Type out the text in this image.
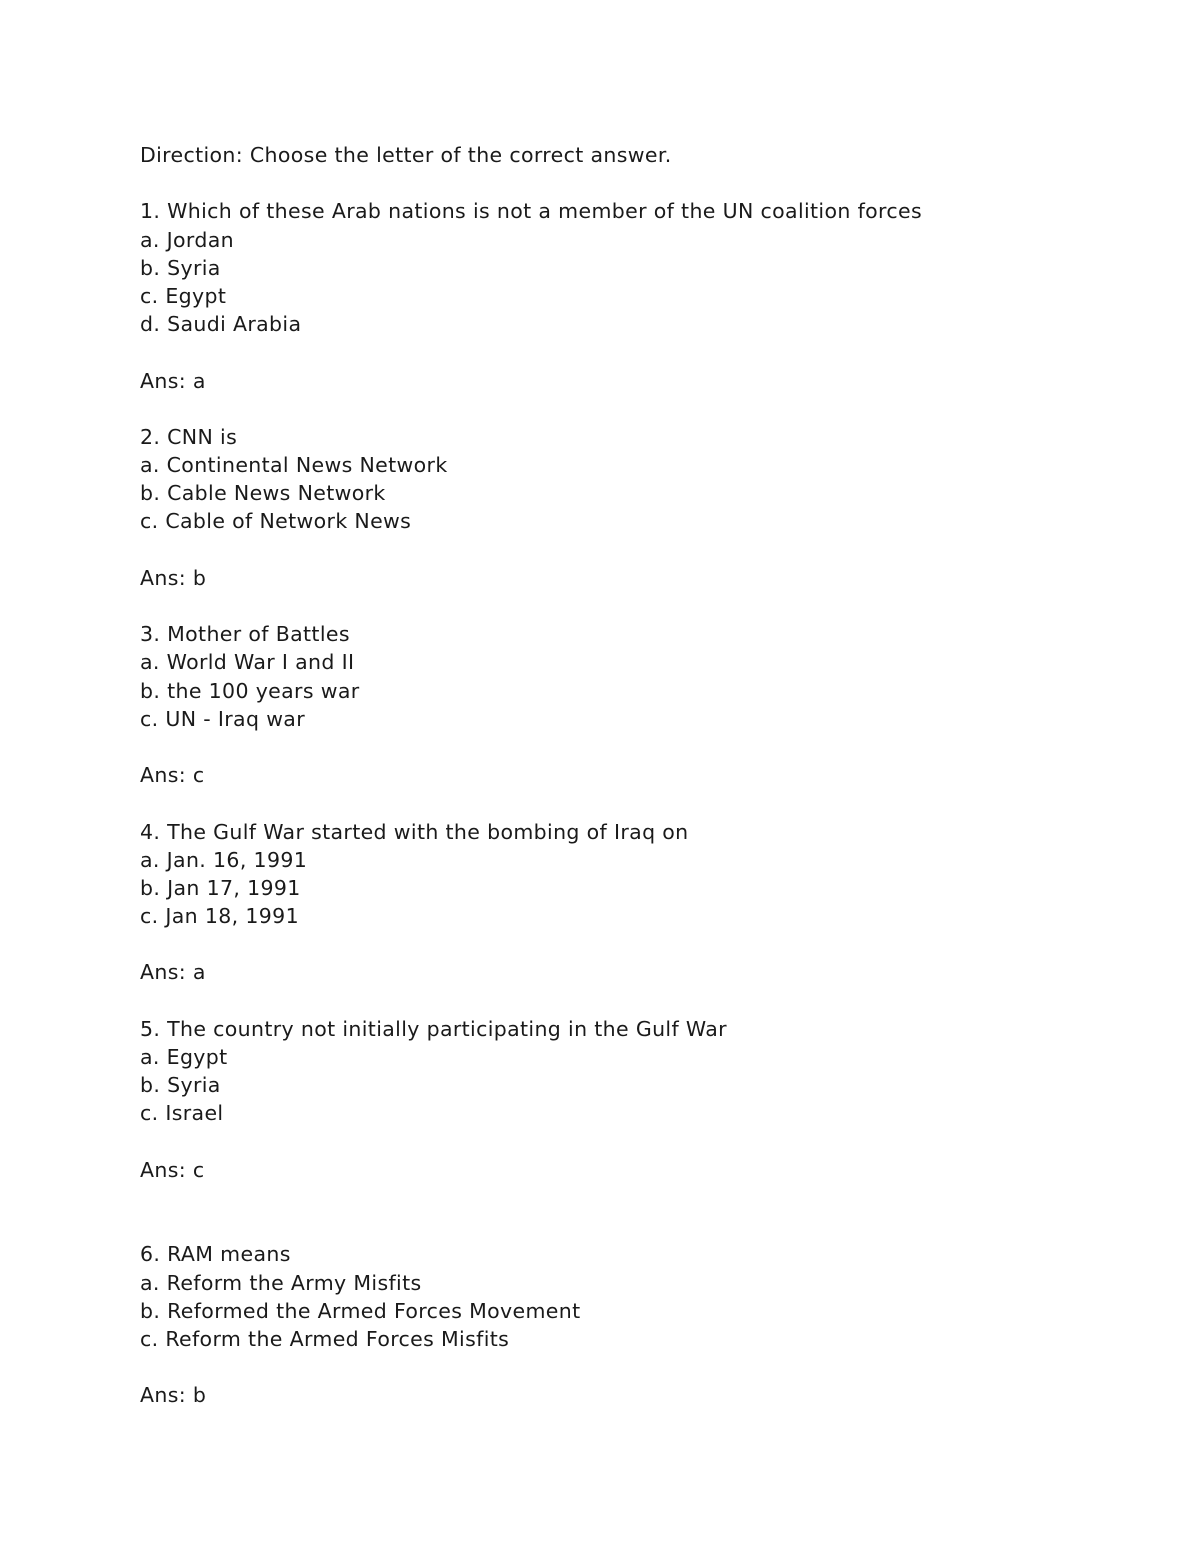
Direction: Choose the letter of the correct answer.
1. Which of these Arab nations is not a member of the UN coalition forces
a. Jordan
b. Syria
c. Egypt
d. Saudi Arabia
Ans: a
2. CNN is
a. Continental News Network
b. Cable News Network
c. Cable of Network News
Ans: b
3. Mother of Battles
a. World War I and II
b. the 100 years war
c. UN - Iraq war
Ans: c
4. The Gulf War started with the bombing of Iraq on
a. Jan. 16, 1991
b. Jan 17, 1991
c. Jan 18, 1991
Ans: a
5. The country not initially participating in the Gulf War
a. Egypt
b. Syria
c. Israel
Ans: c
6. RAM means
a. Reform the Army Misfits
b. Reformed the Armed Forces Movement
c. Reform the Armed Forces Misfits
Ans: b
